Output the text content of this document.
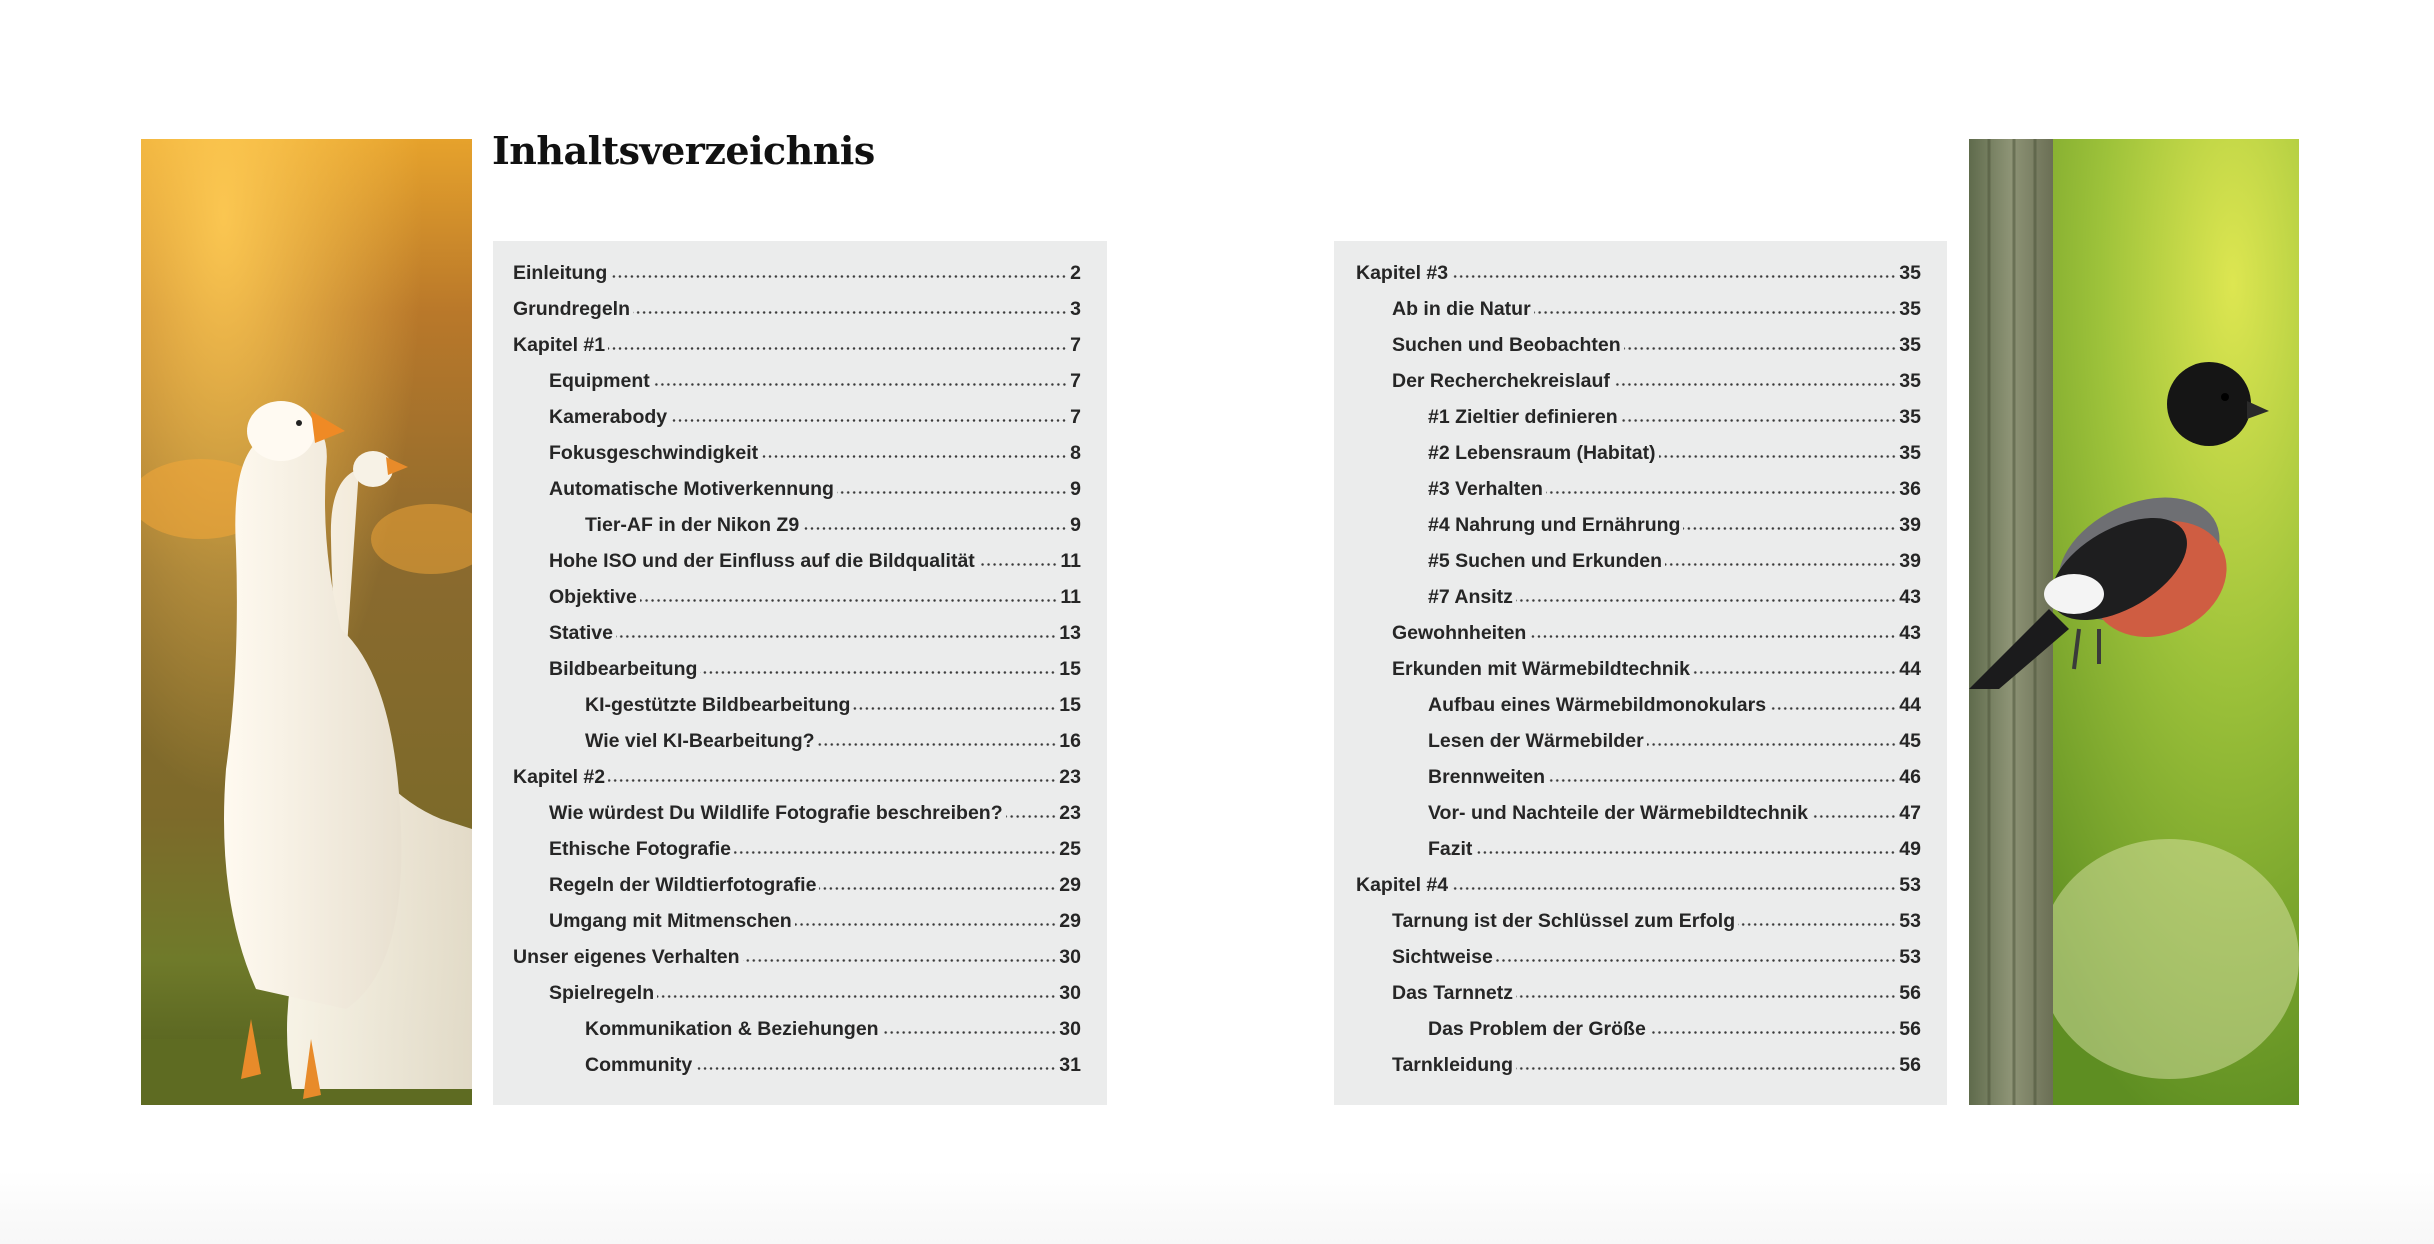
Inhaltsverzeichnis
Einleitung	2
Grundregeln	3
Kapitel #1	7
Equipment	7
Kamerabody	7
Fokusgeschwindigkeit	8
Automatische Motiverkennung	9
Tier-AF in der Nikon Z9	9
Hohe ISO und der Einfluss auf die Bildqualität	11
Objektive	11
Stative	13
Bildbearbeitung	15
KI-gestützte Bildbearbeitung	15
Wie viel KI-Bearbeitung?	16
Kapitel #2	23
Wie würdest Du Wildlife Fotografie beschreiben?	23
Ethische Fotografie	25
Regeln der Wildtierfotografie	29
Umgang mit Mitmenschen	29
Unser eigenes Verhalten	30
Spielregeln	30
Kommunikation & Beziehungen	30
Community	31
Kapitel #3	35
Ab in die Natur	35
Suchen und Beobachten	35
Der Recherchekreislauf	35
#1 Zieltier definieren	35
#2 Lebensraum (Habitat)	35
#3 Verhalten	36
#4 Nahrung und Ernährung	39
#5 Suchen und Erkunden	39
#7 Ansitz	43
Gewohnheiten	43
Erkunden mit Wärmebildtechnik	44
Aufbau eines Wärmebildmonokulars	44
Lesen der Wärmebilder	45
Brennweiten	46
Vor- und Nachteile der Wärmebildtechnik	47
Fazit	49
Kapitel #4	53
Tarnung ist der Schlüssel zum Erfolg	53
Sichtweise	53
Das Tarnnetz	56
Das Problem der Größe	56
Tarnkleidung	56
